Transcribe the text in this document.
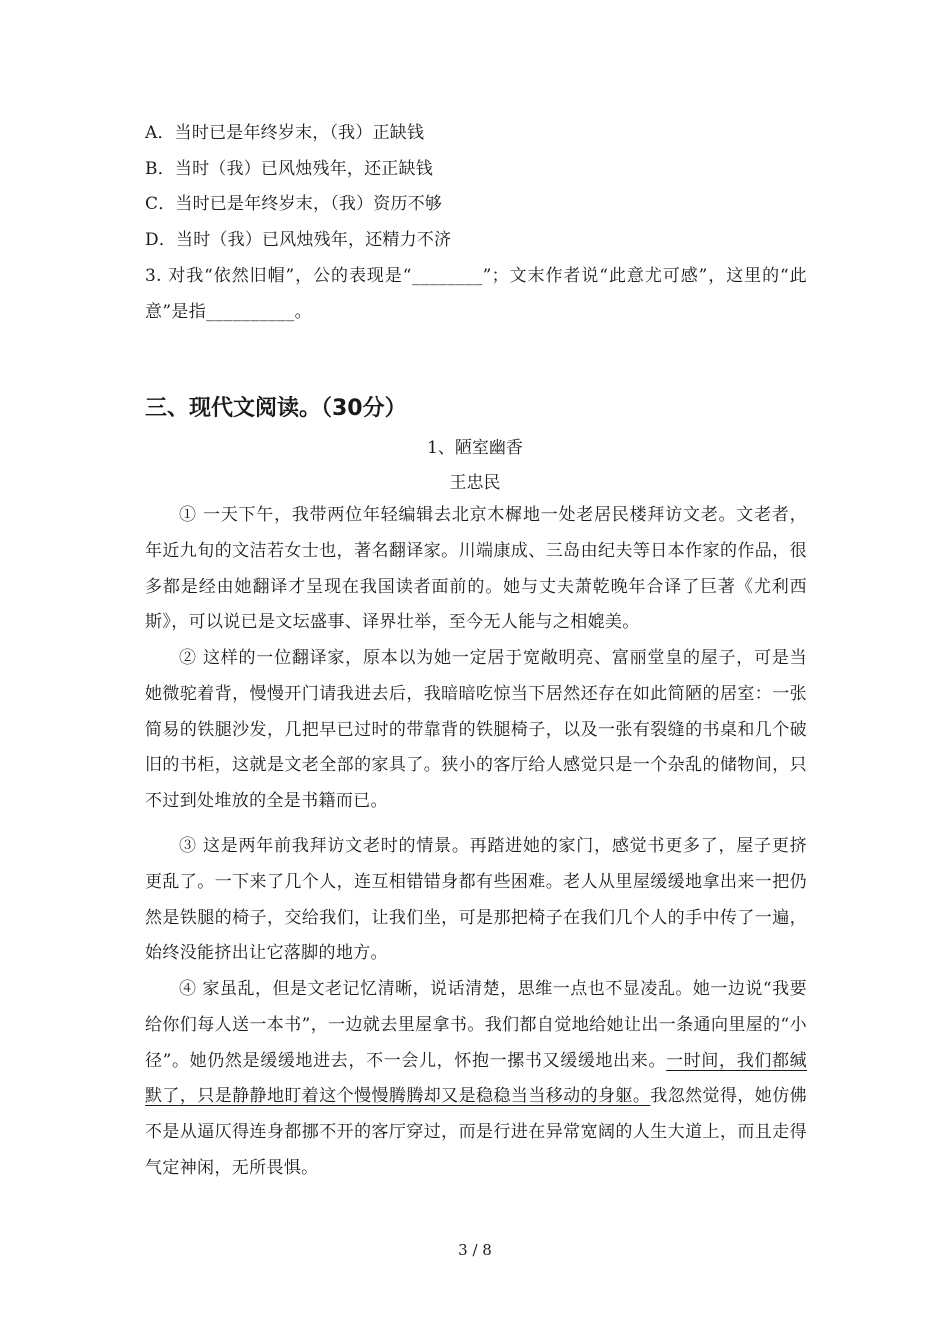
A．当时已是年终岁末，（我）正缺钱
B．当时（我）已风烛残年，还正缺钱
C．当时已是年终岁末，（我）资历不够
D．当时（我）已风烛残年，还精力不济
3. 对我“依然旧帽”，公的表现是“________”；文末作者说“此意尤可感”，这里的“此意”是指__________。
三、现代文阅读。（30分）
1、陋室幽香
王忠民
① 一天下午，我带两位年轻编辑去北京木樨地一处老居民楼拜访文老。文老者，年近九旬的文洁若女士也，著名翻译家。川端康成、三岛由纪夫等日本作家的作品，很多都是经由她翻译才呈现在我国读者面前的。她与丈夫萧乾晚年合译了巨著《尤利西斯》，可以说已是文坛盛事、译界壮举，至今无人能与之相媲美。
② 这样的一位翻译家，原本以为她一定居于宽敞明亮、富丽堂皇的屋子，可是当她微驼着背，慢慢开门请我进去后，我暗暗吃惊当下居然还存在如此简陋的居室：一张简易的铁腿沙发，几把早已过时的带靠背的铁腿椅子，以及一张有裂缝的书桌和几个破旧的书柜，这就是文老全部的家具了。狭小的客厅给人感觉只是一个杂乱的储物间，只不过到处堆放的全是书籍而已。
③ 这是两年前我拜访文老时的情景。再踏进她的家门，感觉书更多了，屋子更挤更乱了。一下来了几个人，连互相错错身都有些困难。老人从里屋缓缓地拿出来一把仍然是铁腿的椅子，交给我们，让我们坐，可是那把椅子在我们几个人的手中传了一遍，始终没能挤出让它落脚的地方。
④ 家虽乱，但是文老记忆清晰，说话清楚，思维一点也不显凌乱。她一边说“我要给你们每人送一本书”，一边就去里屋拿书。我们都自觉地给她让出一条通向里屋的“小径”。她仍然是缓缓地进去，不一会儿，怀抱一摞书又缓缓地出来。一时间，我们都缄默了，只是静静地盯着这个慢慢腾腾却又是稳稳当当移动的身躯。我忽然觉得，她仿佛不是从逼仄得连身都挪不开的客厅穿过，而是行进在异常宽阔的人生大道上，而且走得气定神闲，无所畏惧。
3 / 8
